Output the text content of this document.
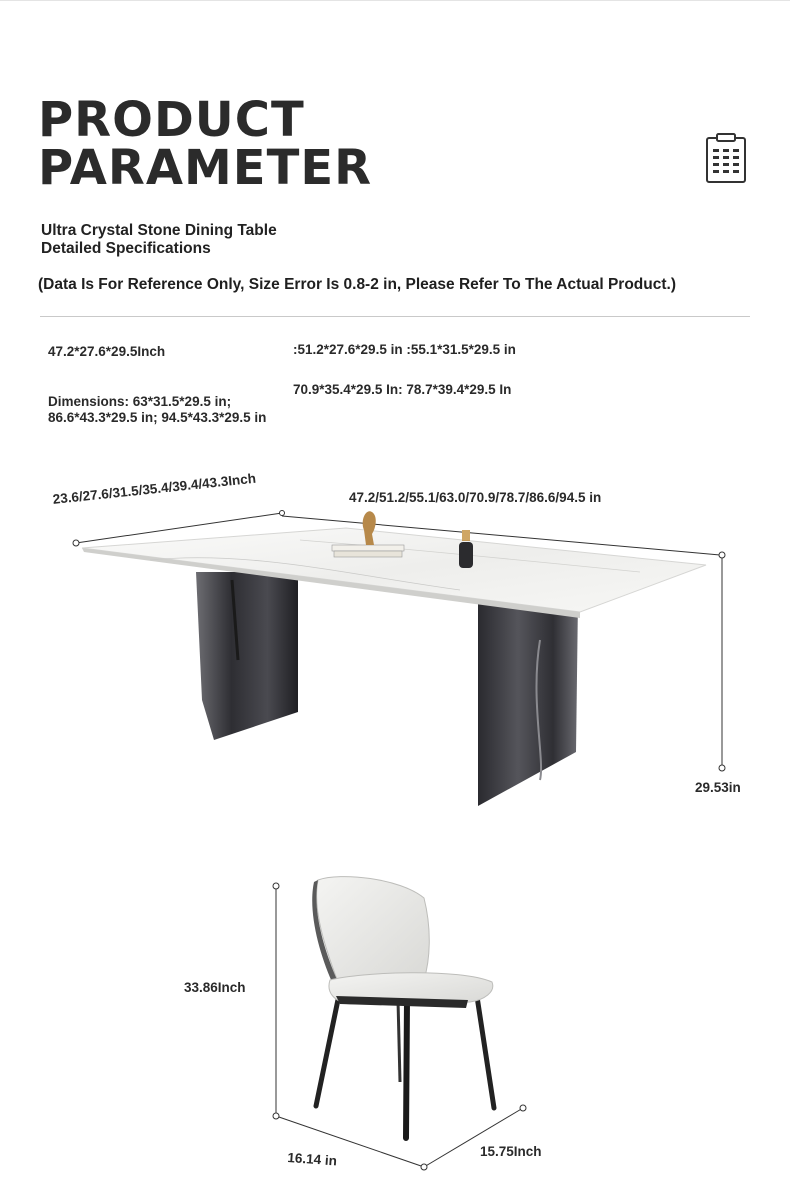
PRODUCT
PARAMETER
Ultra Crystal Stone Dining Table
Detailed Specifications
(Data Is For Reference Only, Size Error Is 0.8-2 in, Please Refer To The Actual Product.)
47.2*27.6*29.5Inch	:51.2*27.6*29.5 in :55.1*31.5*29.5 in
70.9*35.4*29.5 In: 78.7*39.4*29.5 In
Dimensions: 63*31.5*29.5 in;
86.6*43.3*29.5 in; 94.5*43.3*29.5 in
23.6/27.6/31.5/35.4/39.4/43.3Inch	47.2/51.2/55.1/63.0/70.9/78.7/86.6/94.5 in
29.53in
33.86Inch
16.14 in	15.75Inch
